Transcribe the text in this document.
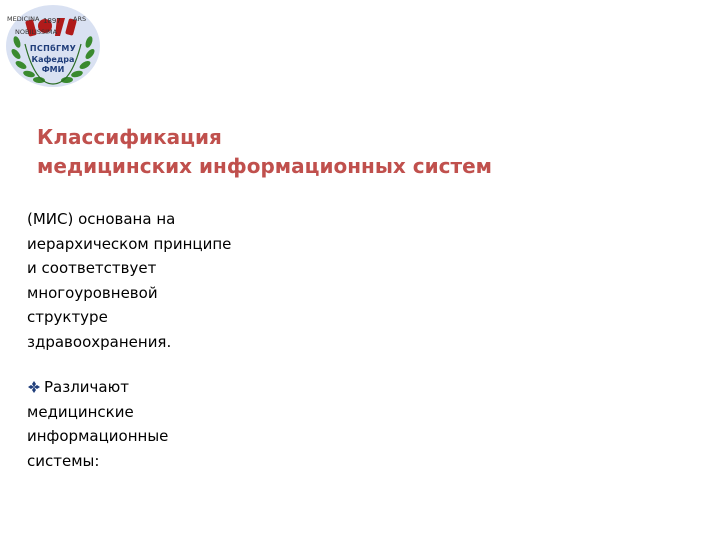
MEDICINA 1897 ARS
NOBILISSIMA
ПСПбГМУ
Кафедра
ФМИ
Классификация
медицинских информационных систем
(МИС) основана на
иерархическом принципе
и соответствует
многоуровневой
структуре
здравоохранения.
Различают
медицинские
информационные
системы:
